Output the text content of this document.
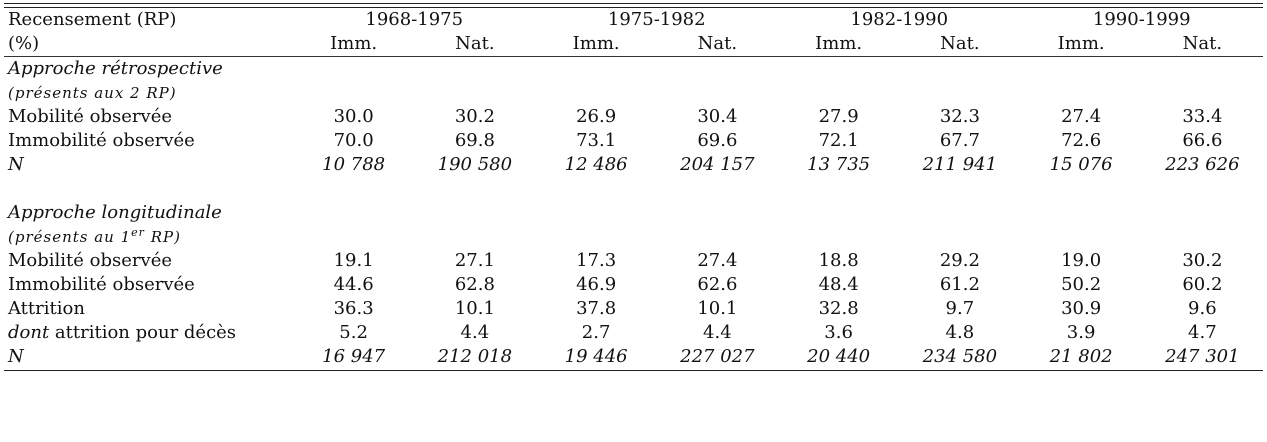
Recensement (RP)	1968-1975		1975-1982		1982-1990		1990-1999	
(%)	Imm.	Nat.	Imm.	Nat.	Imm.	Nat.	Imm.	Nat.
Approche rétrospective								
(présents aux 2 RP)								
Mobilité observée	30.0	30.2	26.9	30.4	27.9	32.3	27.4	33.4
Immobilité observée	70.0	69.8	73.1	69.6	72.1	67.7	72.6	66.6
N	10 788	190 580	12 486	204 157	13 735	211 941	15 076	223 626

Approche longitudinale								
(présents au 1er RP)								
Mobilité observée	19.1	27.1	17.3	27.4	18.8	29.2	19.0	30.2
Immobilité observée	44.6	62.8	46.9	62.6	48.4	61.2	50.2	60.2
Attrition	36.3	10.1	37.8	10.1	32.8	9.7	30.9	9.6
dont attrition pour décès	5.2	4.4	2.7	4.4	3.6	4.8	3.9	4.7
N	16 947	212 018	19 446	227 027	20 440	234 580	21 802	247 301
